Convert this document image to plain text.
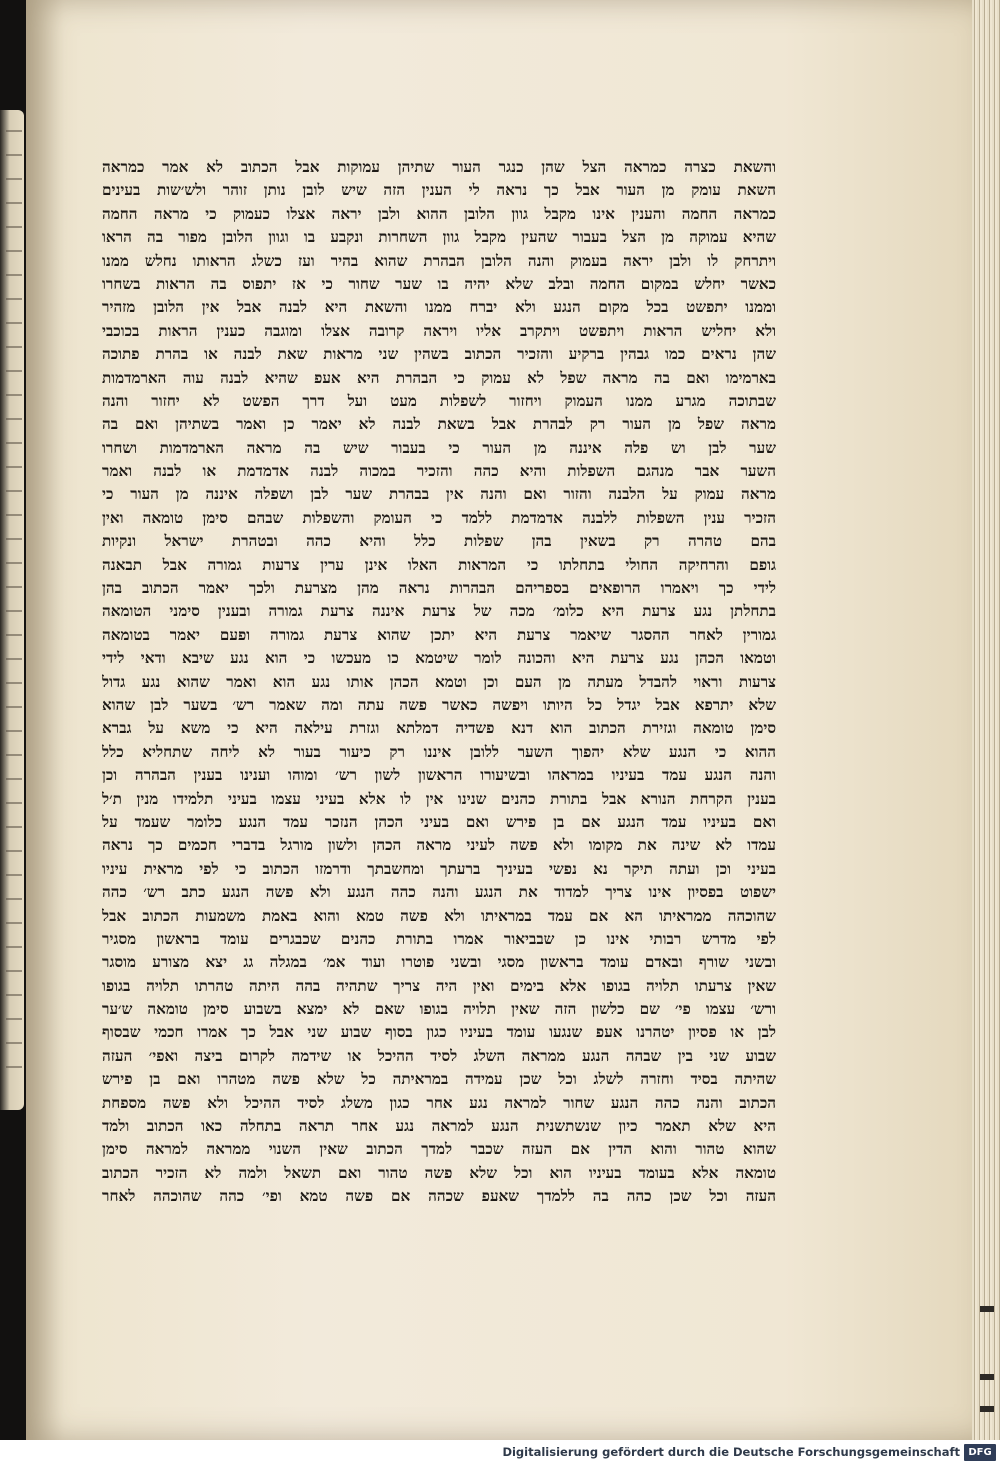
והשאת כצרה כמראה הצל שהן כנגר העור שתיהן עמוקות אבל הכתוב לא אמר כמראה
השאת עומק מן העור אבל כך נראה לי הענין הזה שיש לובן נותן זוהר ולש׳שות בעינים
כמראה החמה והענין אינו מקבל גוון הלובן ההוא ולבן יראה אצלו כעמוק כי מראה החמה
שהיא עמוקה מן הצל בעבור שהעין מקבל גוון השחרות ונקבע בו וגוון הלובן מפור בה הראו
ויתרחק לו ולבן יראה בעמוק והנה הלובן הבהרת שהוא בהיר ועז כשלג הראותו נחלש ממנו
כאשר יחלש במקום החמה ובלב שלא יהיה בו שער שחור כי אז יתפוס בה הראות בשחרו
וממנו יתפשט בכל מקום הנגע ולא יברח ממנו והשאת היא לבנה אבל אין הלובן מזהיר
ולא יחליש הראות ויתפשט ויתקרב אליו ויראה קרובה אצלו ומוגבה כענין הראות בכוכבי
שהן נראים כמו גבהין ברקיע והזכיר הכתוב בשהין שני מראות שאת לבנה או בהרת פתוכה
בארמימו ואם בה מראה שפל לא עמוק כי הבהרת היא אעפ שהיא לבנה עוה הארמדמות
שבתוכה מגרע ממנו העמוק ויחזור לשפלות מעט ועל דרך הפשט לא יחזור והנה
מראה שפל מן העור רק לבהרת אבל בשאת לבנה לא יאמר כן ואמר בשתיהן ואם בה
שער לבן וש פלה איננה מן העור כי בעבור שיש בה מראה הארמדמות ושחרו
השער אבר מנהגם השפלות והיא כהה והזכיר במכוה לבנה אדמדמת או לבנה ואמר
מראה עמוק על הלבנה והזור ואם והנה אין בבהרת שער לבן ושפלה איננה מן העור כי
הזכיר ענין השפלות ללבנה אדמדמת ללמד כי העומק והשפלות שבהם סימן טומאה ואין
בהם טהרה רק בשאין בהן שפלות כלל והיא כהה ובטהרת ישראל ונקיות
גופם והרחיקה החולי בתחלתו כי המראות האלו אינן ערין צרעות גמורה אבל תבאנה
לידי כך ויאמרו הרופאים בספריהם הבהרות נראה מהן מצרעת ולכך יאמר הכתוב בהן
בתחלתן נגע צרעת היא כלומ׳ מכה של צרעת איננה צרעת גמורה ובענין סימני הטומאה
גמורין לאחר ההסגר שיאמר צרעת היא יתכן שהוא צרעת גמורה ופעם יאמר בטומאה
וטמאו הכהן נגע צרעת היא והכונה לומר שיטמא כו מעכשו כי הוא נגע שיבא ודאי לידי
צרעות וראוי להבדל מעתה מן העם וכן וטמא הכהן אותו נגע הוא ואמר שהוא נגע גדול
שלא יתרפא אבל יגדל כל היותו ויפשה כאשר פשה עתה ומה שאמר רש׳ בשער לבן שהוא
סימן טומאה וגזירת הכתוב הוא דנא פשדיה דמלתא וגזרת עילאה היא כי משא על גברא
ההוא כי הנגע שלא יהפוך השער ללובן איננו רק כיעור בעור לא ליחה שתחליא כלל
והנה הנגע עמד בעיניו במראהו ובשיעורו הראשון לשון רש׳ ומוהו וענינו בענין הבהרה וכן
בענין הקרחת הנורא אבל בתורת כהנים שנינו אין לו אלא בעיני עצמו בעיני תלמידו מנין ת׳ל
ואם בעיניו עמד הנגע אם בן פירש ואם בעיני הכהן הנזכר עמד הנגע כלומר שעמד על
עמדו לא שינה את מקומו ולא פשה לעיני מראה הכהן ולשון מורגל בדברי חכמים כך נראה
בעיני וכן ועתה תיקר נא נפשי בעיניך ברעתך ומחשבתך ודרמזו הכתוב כי לפי מראית עיניו
ישפוט בפסיון אינו צריך למדוד את הנגע והנה כהה הנגע ולא פשה הנגע כתב רש׳ כהה
שהוכהה ממראיתו הא אם עמד במראיתו ולא פשה טמא והוא באמת משמעות הכתוב אבל
לפי מדרש רבותי אינו כן שבביאור אמרו בתורת כהנים שכבגרים עומד בראשון מסגיר
ובשני שורף ובאדם עומד בראשון מסגי ובשני פוטרו ועוד אמ׳ במגלה גג יצא מצורע מוסגר
שאין צרעתו תלויה בגופו אלא בימים ואין היה צריך שתהיה בהה היתה טהרתו תלויה בגופו
ורש׳ עצמו פי׳ שם כלשון הזה שאין תלויה בגופו שאם לא ימצא בשבוע סימן טומאה ש׳ער
לבן או פסיון יטהרנו אעפ שנגעו עומד בעיניו כגון בסוף שבוע שני אבל כך אמרו חכמי שבסוף
שבוע שני בין שבהה הנגע ממראה השלג לסיד ההיכל או שידמה לקרום ביצה ואפי׳ העזה
שהיתה בסיד וחזרה לשלג וכל שכן עמידה במראיתה כל שלא פשה מטהרו ואם בן פירש
הכתוב והנה כהה הנגע שחור למראה נגע אחר כגון משלג לסיד ההיכל ולא פשה מספחת
היא שלא תאמר כיון שנשתשנית הנגע למראה נגע אחר תראה בתחלה כאו הכתוב ולמד
שהוא טהור והוא הדין אם העזה שכבר למדך הכתוב שאין השנוי ממראה למראה סימן
טומאה אלא בעומד בעיניו הוא וכל שלא פשה טהור ואם תשאל ולמה לא הזכיר הכתוב
העזה וכל שכן כהה בה ללמדך שאעפ שכהה אם פשה טמא ופי׳ כהה שהוכהה לאחר
Digitalisierung gefördert durch die Deutsche Forschungsgemeinschaft DFG
